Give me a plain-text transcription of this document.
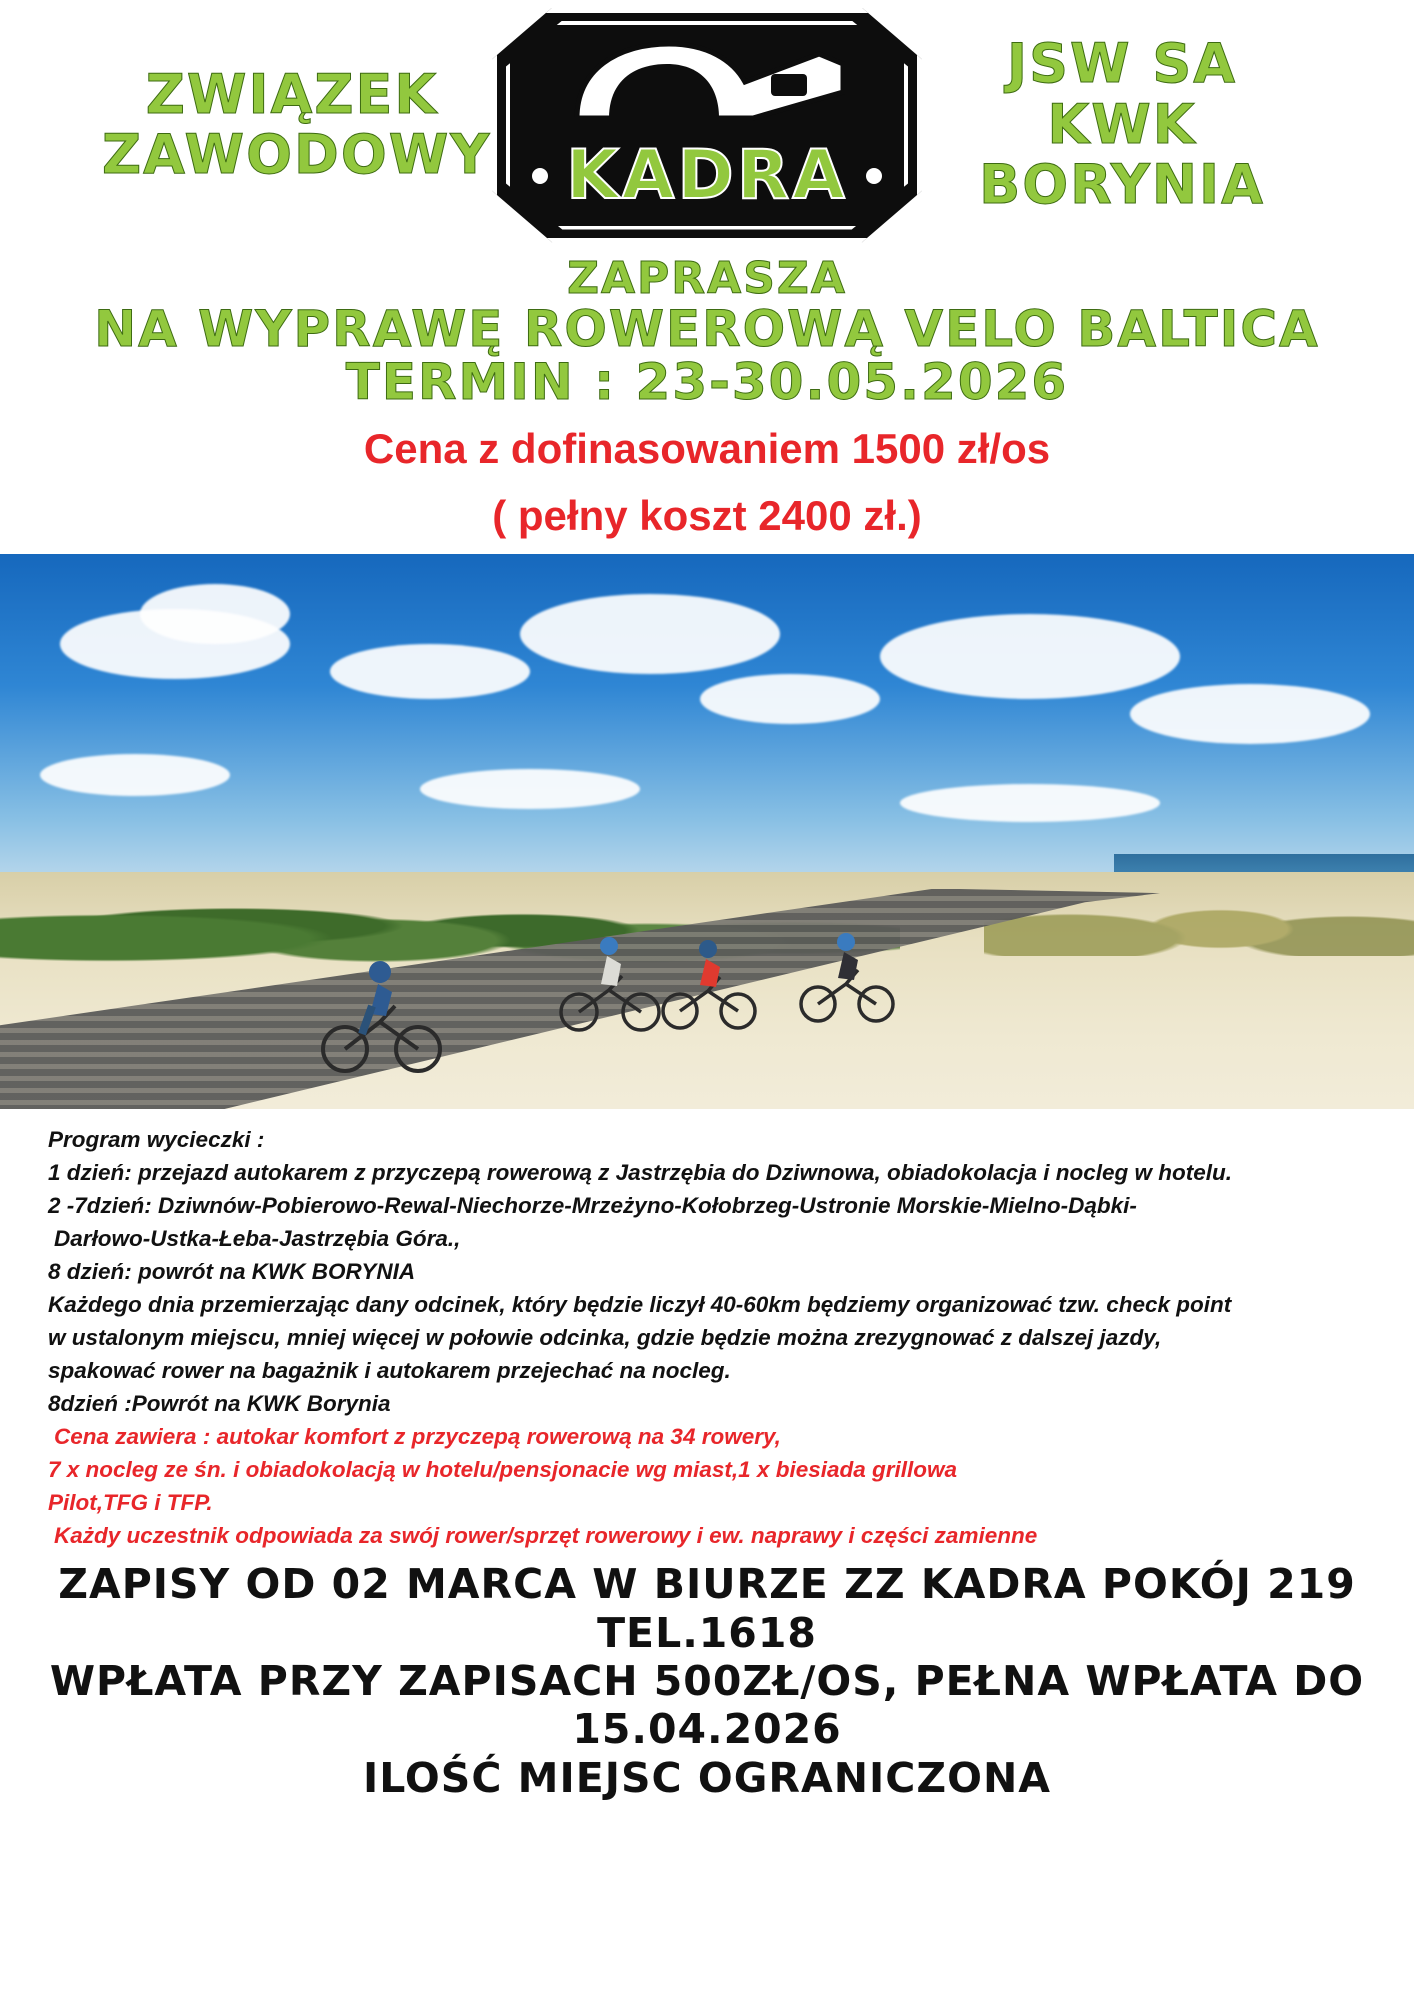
ZWIĄZEK
ZAWODOWY	KADRA
JSW SA
KWK BORYNIA
ZAPRASZA
NA WYPRAWĘ ROWEROWĄ VELO BALTICA
TERMIN : 23-30.05.2026
Cena z dofinasowaniem 1500 zł/os
( pełny koszt 2400 zł.)

Program wycieczki :

1 dzień: przejazd autokarem z przyczepą rowerową z Jastrzębia do Dziwnowa, obiadokolacja i nocleg w hotelu.

2 -7dzień: Dziwnów-Pobierowo-Rewal-Niechorze-Mrzeżyno-Kołobrzeg-Ustronie Morskie-Mielno-Dąbki-

Darłowo-Ustka-Łeba-Jastrzębia Góra.,

8 dzień: powrót na KWK BORYNIA

Każdego dnia przemierzając dany odcinek, który będzie liczył 40-60km będziemy organizować tzw. check point

w ustalonym miejscu, mniej więcej w połowie odcinka, gdzie będzie można zrezygnować z dalszej jazdy,

spakować rower na bagażnik i autokarem przejechać na nocleg.

8dzień :Powrót na KWK Borynia

Cena zawiera : autokar komfort z przyczepą rowerową na 34 rowery,

7 x nocleg ze śn. i obiadokolacją w hotelu/pensjonacie wg miast,1 x biesiada grillowa

Pilot,TFG i TFP.

Każdy uczestnik odpowiada za swój rower/sprzęt rowerowy i ew. naprawy i części zamienne

ZAPISY OD 02 MARCA W BIURZE ZZ KADRA POKÓJ 219 TEL.1618
WPŁATA PRZY ZAPISACH 500ZŁ/OS, PEŁNA WPŁATA DO 15.04.2026
ILOŚĆ MIEJSC OGRANICZONA
